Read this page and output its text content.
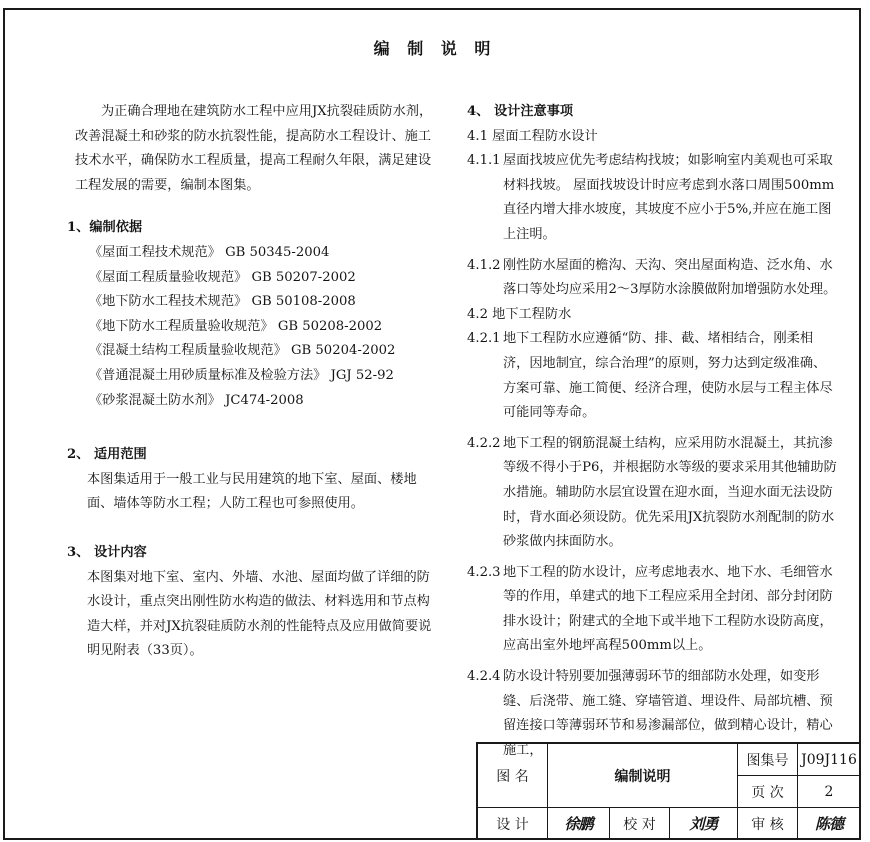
编 制 说 明

为正确合理地在建筑防水工程中应用JX抗裂硅质防水剂，改善混凝土和砂浆的防水抗裂性能，提高防水工程设计、施工技术水平，确保防水工程质量，提高工程耐久年限，满足建设工程发展的需要，编制本图集。

1、编制依据

《屋面工程技术规范》 GB 50345-2004

《屋面工程质量验收规范》 GB 50207-2002

《地下防水工程技术规范》 GB 50108-2008

《地下防水工程质量验收规范》 GB 50208-2002

《混凝土结构工程质量验收规范》 GB 50204-2002

《普通混凝土用砂质量标准及检验方法》 JGJ 52-92

《砂浆混凝土防水剂》 JC474-2008

2、 适用范围

本图集适用于一般工业与民用建筑的地下室、屋面、楼地面、墙体等防水工程；人防工程也可参照使用。

3、 设计内容

本图集对地下室、室内、外墙、水池、屋面均做了详细的防水设计，重点突出刚性防水构造的做法、材料选用和节点构造大样，并对JX抗裂硅质防水剂的性能特点及应用做简要说明见附表（33页）。

4、 设计注意事项

4.1 屋面工程防水设计

4.1.1 屋面找坡应优先考虑结构找坡；如影响室内美观也可采取材料找坡。 屋面找坡设计时应考虑到水落口周围500mm直径内增大排水坡度，其坡度不应小于5%,并应在施工图上注明。
4.1.2 刚性防水屋面的檐沟、天沟、突出屋面构造、泛水角、水落口等处均应采用2～3厚防水涂膜做附加增强防水处理。

4.2 地下工程防水

4.2.1 地下工程防水应遵循“防、排、截、堵相结合，刚柔相 济，因地制宜，综合治理”的原则，努力达到定级准确、方案可靠、施工简便、经济合理，使防水层与工程主体尽可能同等寿命。
4.2.2 地下工程的钢筋混凝土结构，应采用防水混凝土，其抗渗等级不得小于P6，并根据防水等级的要求采用其他辅助防水措施。辅助防水层宜设置在迎水面，当迎水面无法设防时，背水面必须设防。优先采用JX抗裂防水剂配制的防水砂浆做内抹面防水。
4.2.3 地下工程的防水设计，应考虑地表水、地下水、毛细管水等的作用，单建式的地下工程应采用全封闭、部分封闭防排水设计；附建式的全地下或半地下工程防水设防高度，应高出室外地坪高程500mm以上。
4.2.4 防水设计特别要加强薄弱环节的细部防水处理，如变形缝、后浇带、施工缝、穿墙管道、埋设件、局部坑槽、预留连接口等薄弱环节和易渗漏部位，做到精心设计，精心施工，
图 名	编制说明
图集号 J09J116
页 次	2
设 计	徐鹏	校 对	刘勇	审 核	陈德
